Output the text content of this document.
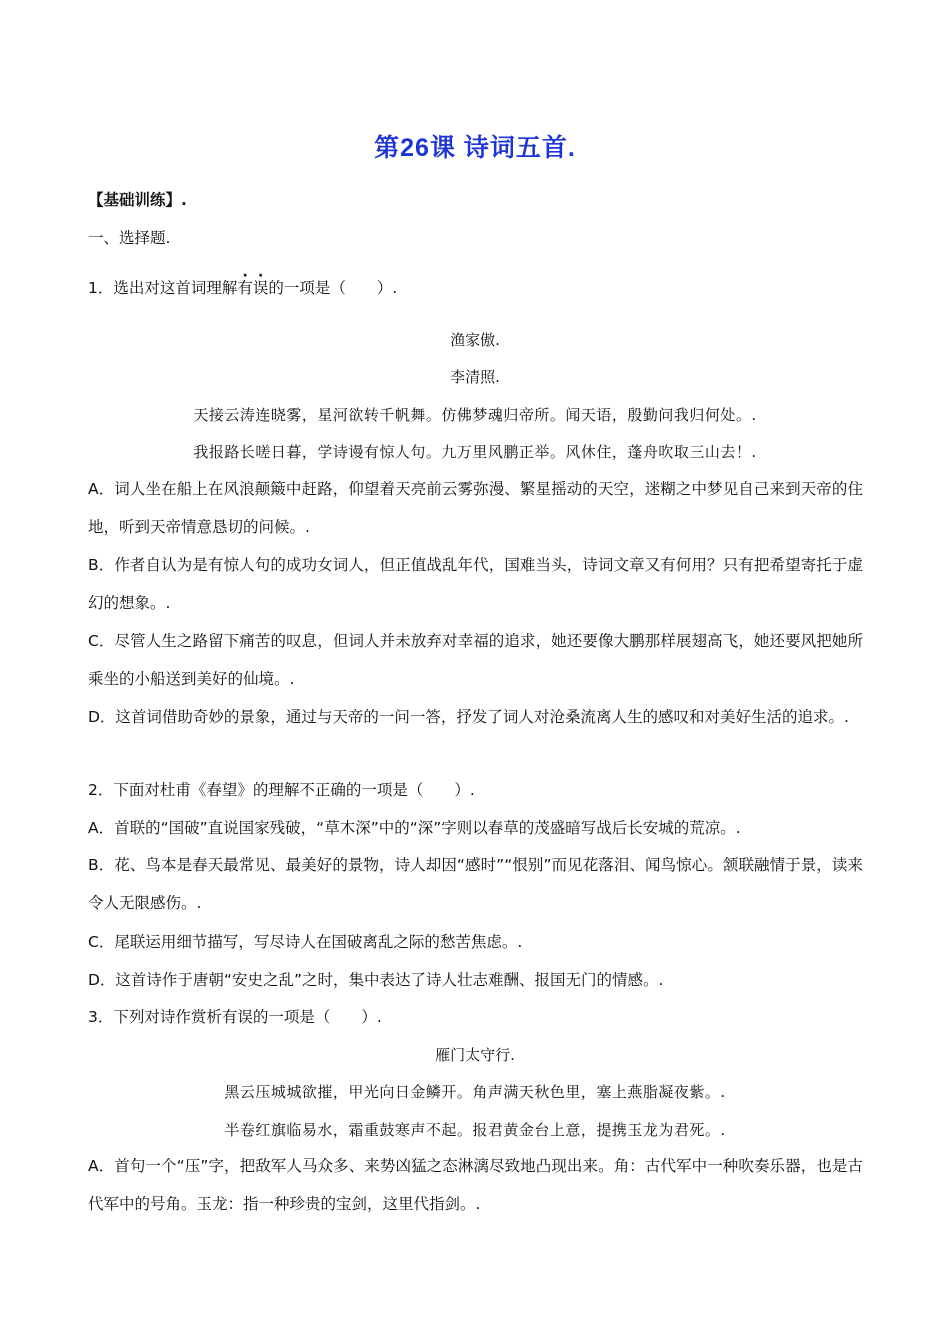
第26课 诗词五首.
【基础训练】.
一、选择题.
1．选出对这首词理解有误的一项是（　　）.
渔家傲.
李清照.
天接云涛连晓雾，星河欲转千帆舞。仿佛梦魂归帝所。闻天语，殷勤问我归何处。.
我报路长嗟日暮，学诗谩有惊人句。九万里风鹏正举。风休住，蓬舟吹取三山去！.
A．词人坐在船上在风浪颠簸中赶路，仰望着天亮前云雾弥漫、繁星摇动的天空，迷糊之中梦见自己来到天帝的住地，听到天帝情意恳切的问候。.
B．作者自认为是有惊人句的成功女词人，但正值战乱年代，国难当头，诗词文章又有何用？只有把希望寄托于虚幻的想象。.
C．尽管人生之路留下痛苦的叹息，但词人并未放弃对幸福的追求，她还要像大鹏那样展翅高飞，她还要风把她所乘坐的小船送到美好的仙境。.
D．这首词借助奇妙的景象，通过与天帝的一问一答，抒发了词人对沧桑流离人生的感叹和对美好生活的追求。.
2．下面对杜甫《春望》的理解不正确的一项是（　　）.
A．首联的“国破”直说国家残破，“草木深”中的“深”字则以春草的茂盛暗写战后长安城的荒凉。.
B．花、鸟本是春天最常见、最美好的景物，诗人却因“感时”“恨别”而见花落泪、闻鸟惊心。颔联融情于景，读来令人无限感伤。.
C．尾联运用细节描写，写尽诗人在国破离乱之际的愁苦焦虑。.
D．这首诗作于唐朝“安史之乱”之时，集中表达了诗人壮志难酬、报国无门的情感。.
3．下列对诗作赏析有误的一项是（　　）.
雁门太守行.
黑云压城城欲摧，甲光向日金鳞开。角声满天秋色里，塞上燕脂凝夜紫。.
半卷红旗临易水，霜重鼓寒声不起。报君黄金台上意，提携玉龙为君死。.
A．首句一个“压”字，把敌军人马众多、来势凶猛之态淋漓尽致地凸现出来。角：古代军中一种吹奏乐器，也是古代军中的号角。玉龙：指一种珍贵的宝剑，这里代指剑。.
